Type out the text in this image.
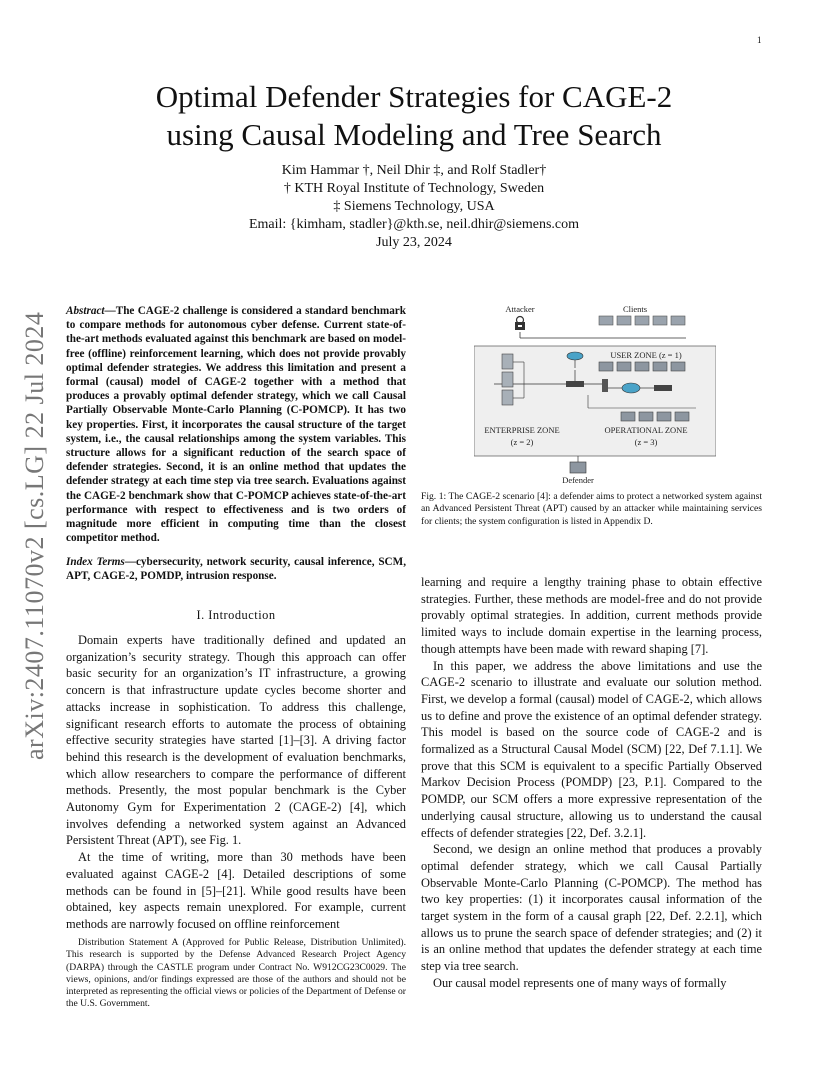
1
arXiv:2407.11070v2 [cs.LG] 22 Jul 2024
Optimal Defender Strategies for CAGE-2
using Causal Modeling and Tree Search
Kim Hammar †, Neil Dhir ‡, and Rolf Stadler†
† KTH Royal Institute of Technology, Sweden
‡ Siemens Technology, USA
Email: {kimham, stadler}@kth.se, neil.dhir@siemens.com
July 23, 2024
Abstract—The CAGE-2 challenge is considered a standard benchmark to compare methods for autonomous cyber defense. Current state-of-the-art methods evaluated against this benchmark are based on model-free (offline) reinforcement learning, which does not provide provably optimal defender strategies. We address this limitation and present a formal (causal) model of CAGE-2 together with a method that produces a provably optimal defender strategy, which we call Causal Partially Observable Monte-Carlo Planning (C-POMCP). It has two key properties. First, it incorporates the causal structure of the target system, i.e., the causal relationships among the system variables. This structure allows for a significant reduction of the search space of defender strategies. Second, it is an online method that updates the defender strategy at each time step via tree search. Evaluations against the CAGE-2 benchmark show that C-POMCP achieves state-of-the-art performance with respect to effectiveness and is two orders of magnitude more efficient in computing time than the closest competitor method.
Index Terms—cybersecurity, network security, causal inference, SCM, APT, CAGE-2, POMDP, intrusion response.
I. Introduction

Domain experts have traditionally defined and updated an organization’s security strategy. Though this approach can offer basic security for an organization’s IT infrastructure, a growing concern is that infrastructure update cycles become shorter and attacks increase in sophistication. To address this challenge, significant research efforts to automate the process of obtaining effective security strategies have started [1]–[3]. A driving factor behind this research is the development of evaluation benchmarks, which allow researchers to compare the performance of different methods. Presently, the most popular benchmark is the Cyber Autonomy Gym for Experimentation 2 (CAGE-2) [4], which involves defending a networked system against an Advanced Persistent Threat (APT), see Fig. 1.

At the time of writing, more than 30 methods have been evaluated against CAGE-2 [4]. Detailed descriptions of some methods can be found in [5]–[21]. While good results have been obtained, key aspects remain unexplored. For example, current methods are narrowly focused on offline reinforcement

Distribution Statement A (Approved for Public Release, Distribution Unlimited). This research is supported by the Defense Advanced Research Project Agency (DARPA) through the CASTLE program under Contract No. W912CG23C0029. The views, opinions, and/or findings expressed are those of the authors and should not be interpreted as representing the official views or policies of the Department of Defense or the U.S. Government.
Attacker	Clients
USER ZONE (z = 1)
ENTERPRISE ZONE
(z = 2)
OPERATIONAL ZONE
(z = 3)
Defender
Fig. 1: The CAGE-2 scenario [4]: a defender aims to protect a networked system against an Advanced Persistent Threat (APT) caused by an attacker while maintaining services for clients; the system configuration is listed in Appendix D.

learning and require a lengthy training phase to obtain effective strategies. Further, these methods are model-free and do not provide provably optimal strategies. In addition, current methods provide limited ways to include domain expertise in the learning process, though attempts have been made with reward shaping [7].

In this paper, we address the above limitations and use the CAGE-2 scenario to illustrate and evaluate our solution method. First, we develop a formal (causal) model of CAGE-2, which allows us to define and prove the existence of an optimal defender strategy. This model is based on the source code of CAGE-2 and is formalized as a Structural Causal Model (SCM) [22, Def 7.1.1]. We prove that this SCM is equivalent to a specific Partially Observed Markov Decision Process (POMDP) [23, P.1]. Compared to the POMDP, our SCM offers a more expressive representation of the underlying causal structure, allowing us to understand the causal effects of defender strategies [22, Def. 3.2.1].

Second, we design an online method that produces a provably optimal defender strategy, which we call Causal Partially Observable Monte-Carlo Planning (C-POMCP). The method has two key properties: (1) it incorporates causal information of the target system in the form of a causal graph [22, Def. 2.2.1], which allows us to prune the search space of defender strategies; and (2) it is an online method that updates the defender strategy at each time step via tree search.

Our causal model represents one of many ways of formally
